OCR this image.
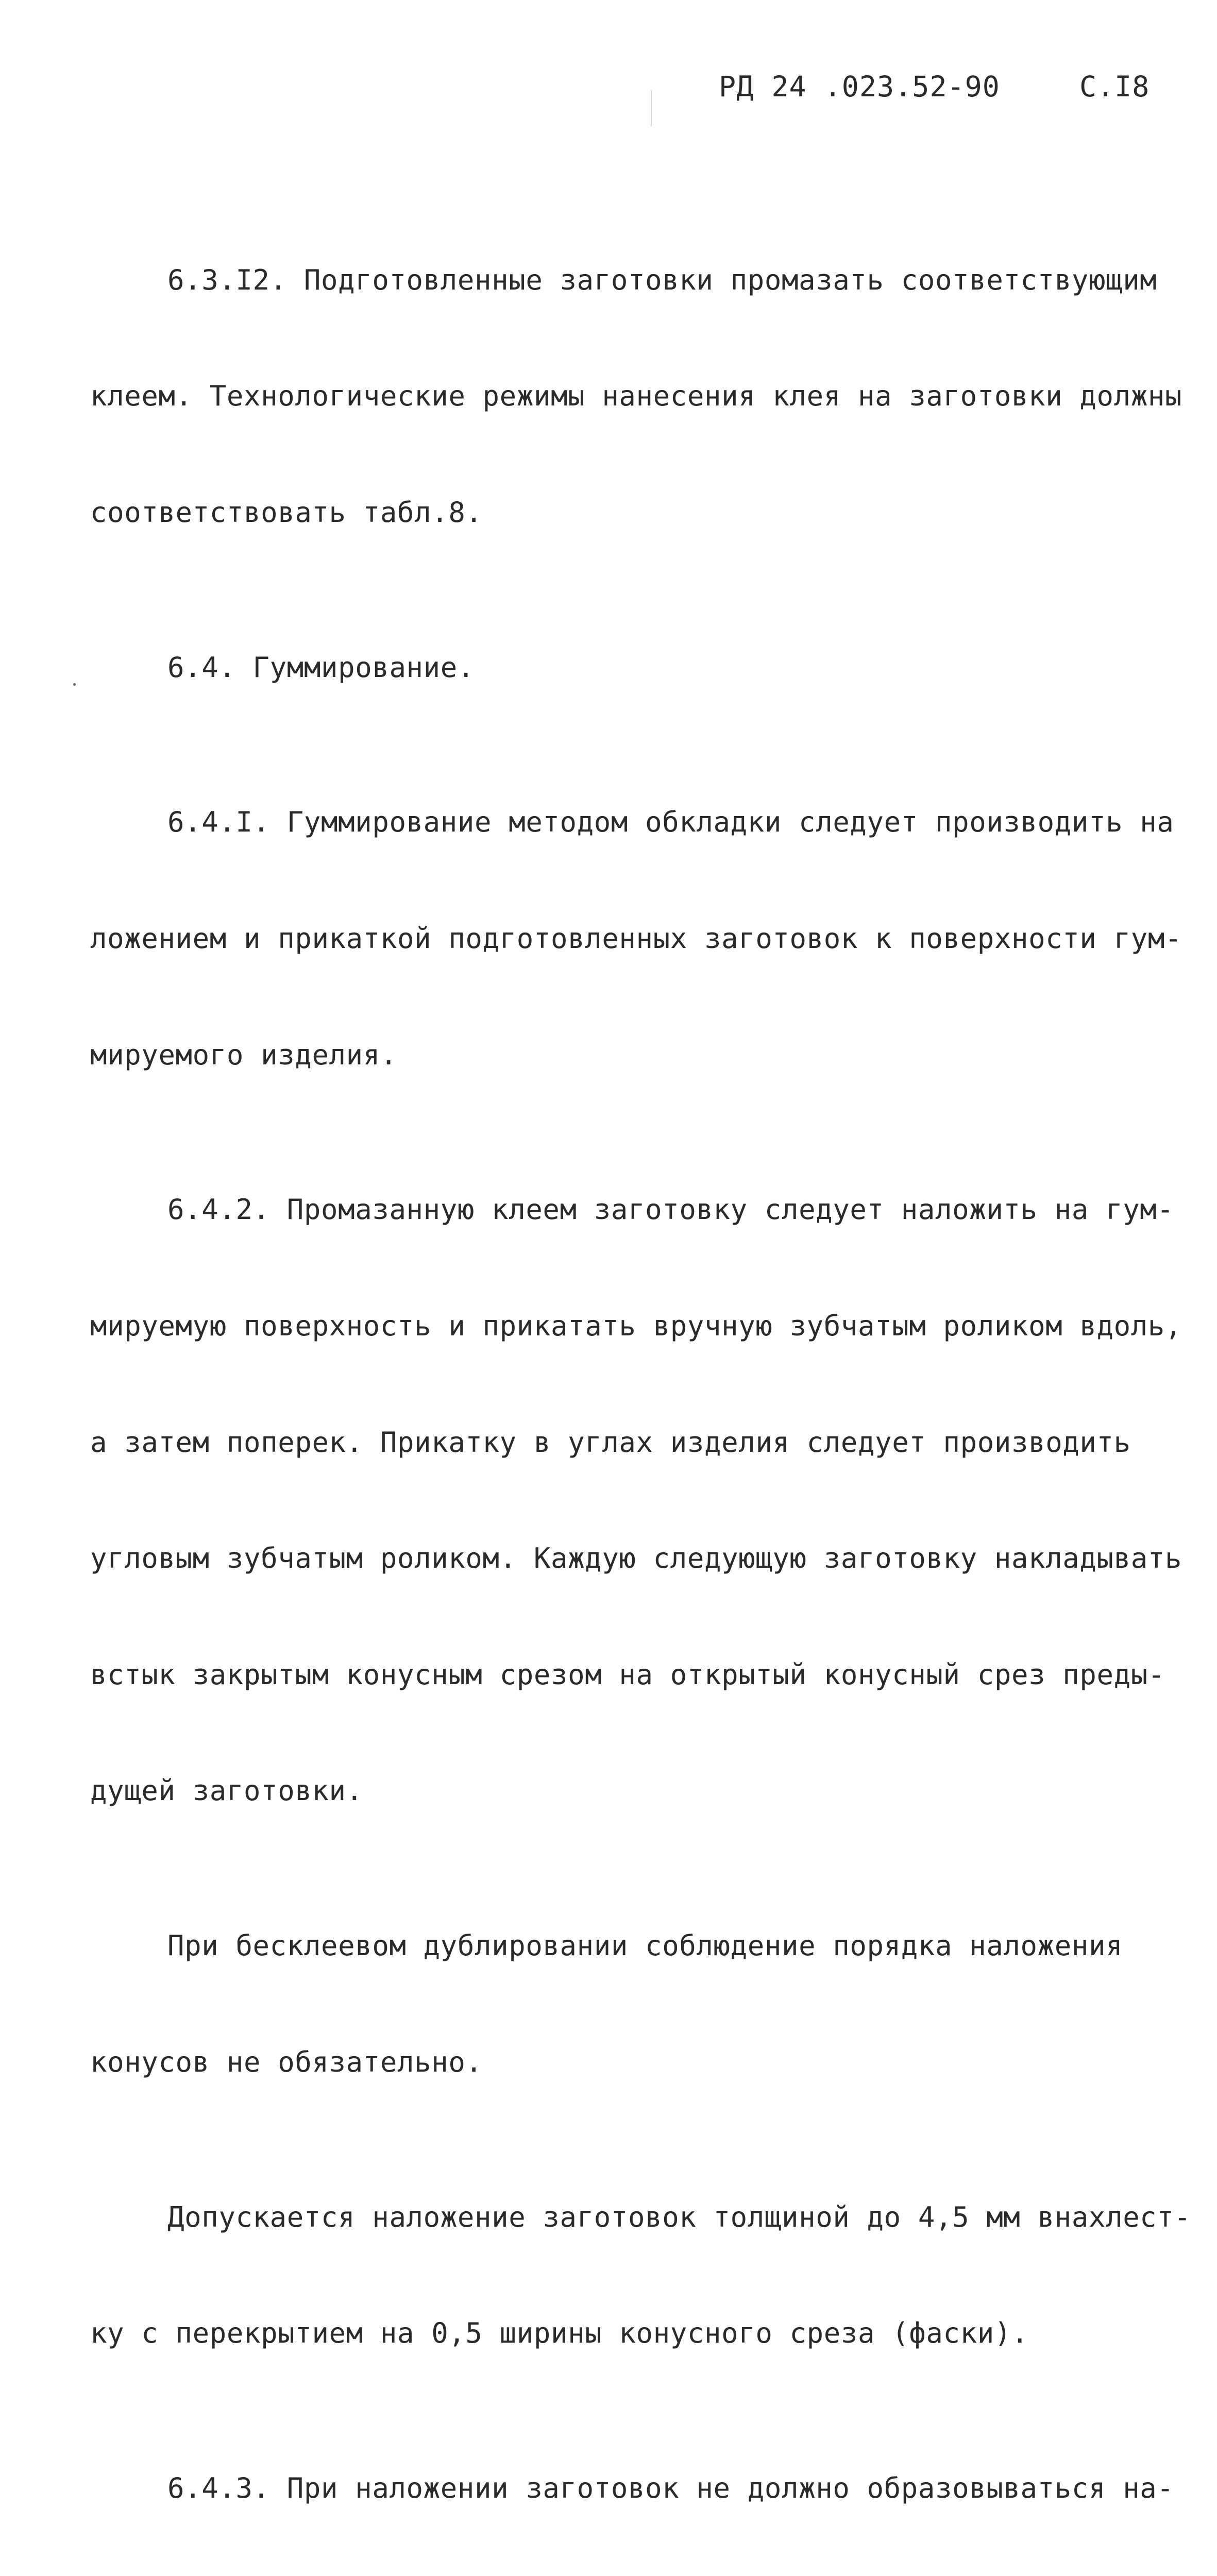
РД 24 .023.52-90	С.I8

6.3.I2. Подготовленные заготовки промазать соответствующим

клеем. Технологические режимы нанесения клея на заготовки должны

соответствовать табл.8.

6.4. Гуммирование.

6.4.I. Гуммирование методом обкладки следует производить на

ложением и прикаткой подготовленных заготовок к поверхности гум-

мируемого изделия.

6.4.2. Промазанную клеем заготовку следует наложить на гум-

мируемую поверхность и прикатать вручную зубчатым роликом вдоль,

а затем поперек. Прикатку в углах изделия следует производить

угловым зубчатым роликом. Каждую следующую заготовку накладывать

встык закрытым конусным срезом на открытый конусный срез преды-

дущей заготовки.

При бесклеевом дублировании соблюдение порядка наложения

конусов не обязательно.

Допускается наложение заготовок толщиной до 4,5 мм внахлест-

ку с перекрытием на 0,5 ширины конусного среза (фаски).

6.4.3. При наложении заготовок не должно образовываться на-
